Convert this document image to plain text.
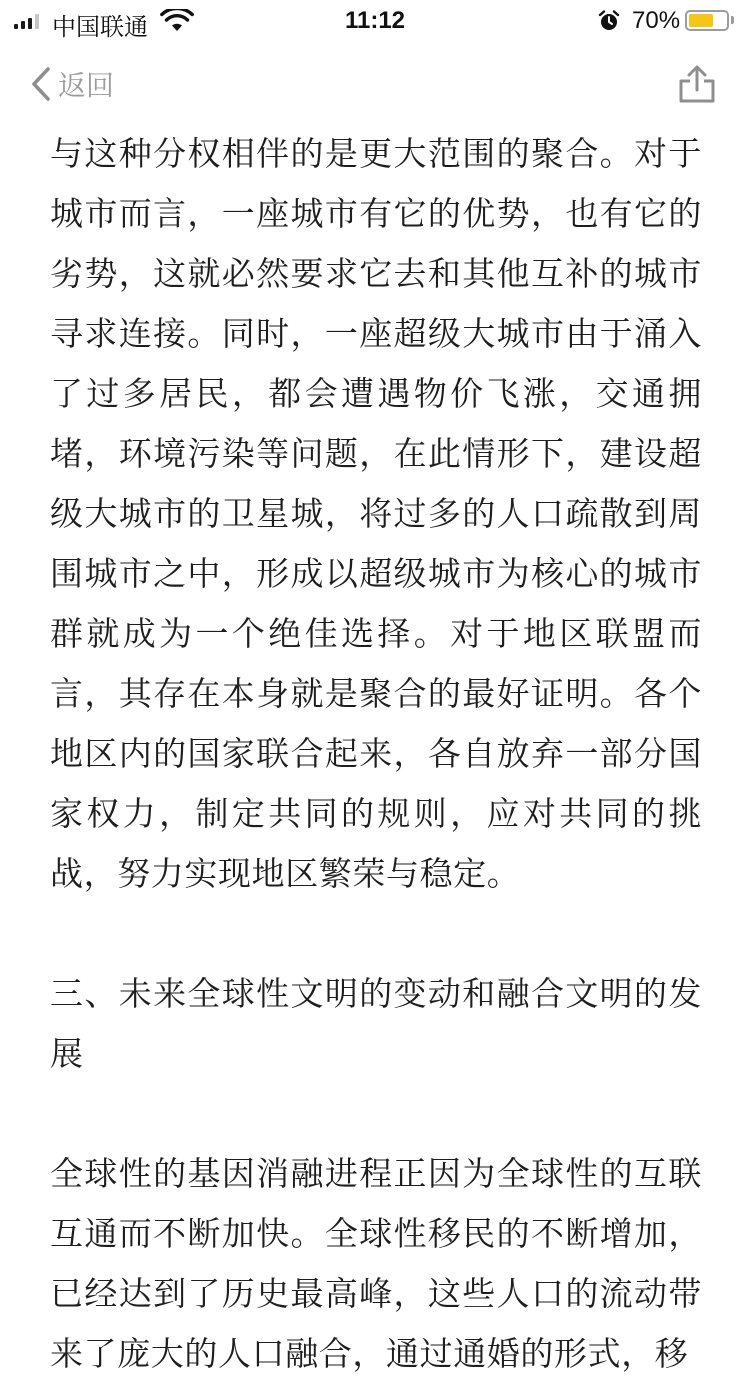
中国联通	11:12	70%
返回

与这种分权相伴的是更大范围的聚合。对于城市而言，一座城市有它的优势，也有它的劣势，这就必然要求它去和其他互补的城市寻求连接。同时，一座超级大城市由于涌入了过多居民，都会遭遇物价飞涨，交通拥堵，环境污染等问题，在此情形下，建设超级大城市的卫星城，将过多的人口疏散到周围城市之中，形成以超级城市为核心的城市群就成为一个绝佳选择。对于地区联盟而言，其存在本身就是聚合的最好证明。各个地区内的国家联合起来，各自放弃一部分国家权力，制定共同的规则，应对共同的挑战，努力实现地区繁荣与稳定。

三、未来全球性文明的变动和融合文明的发展

全球性的基因消融进程正因为全球性的互联互通而不断加快。全球性移民的不断增加，已经达到了历史最高峰，这些人口的流动带来了庞大的人口融合，通过通婚的形式，移
